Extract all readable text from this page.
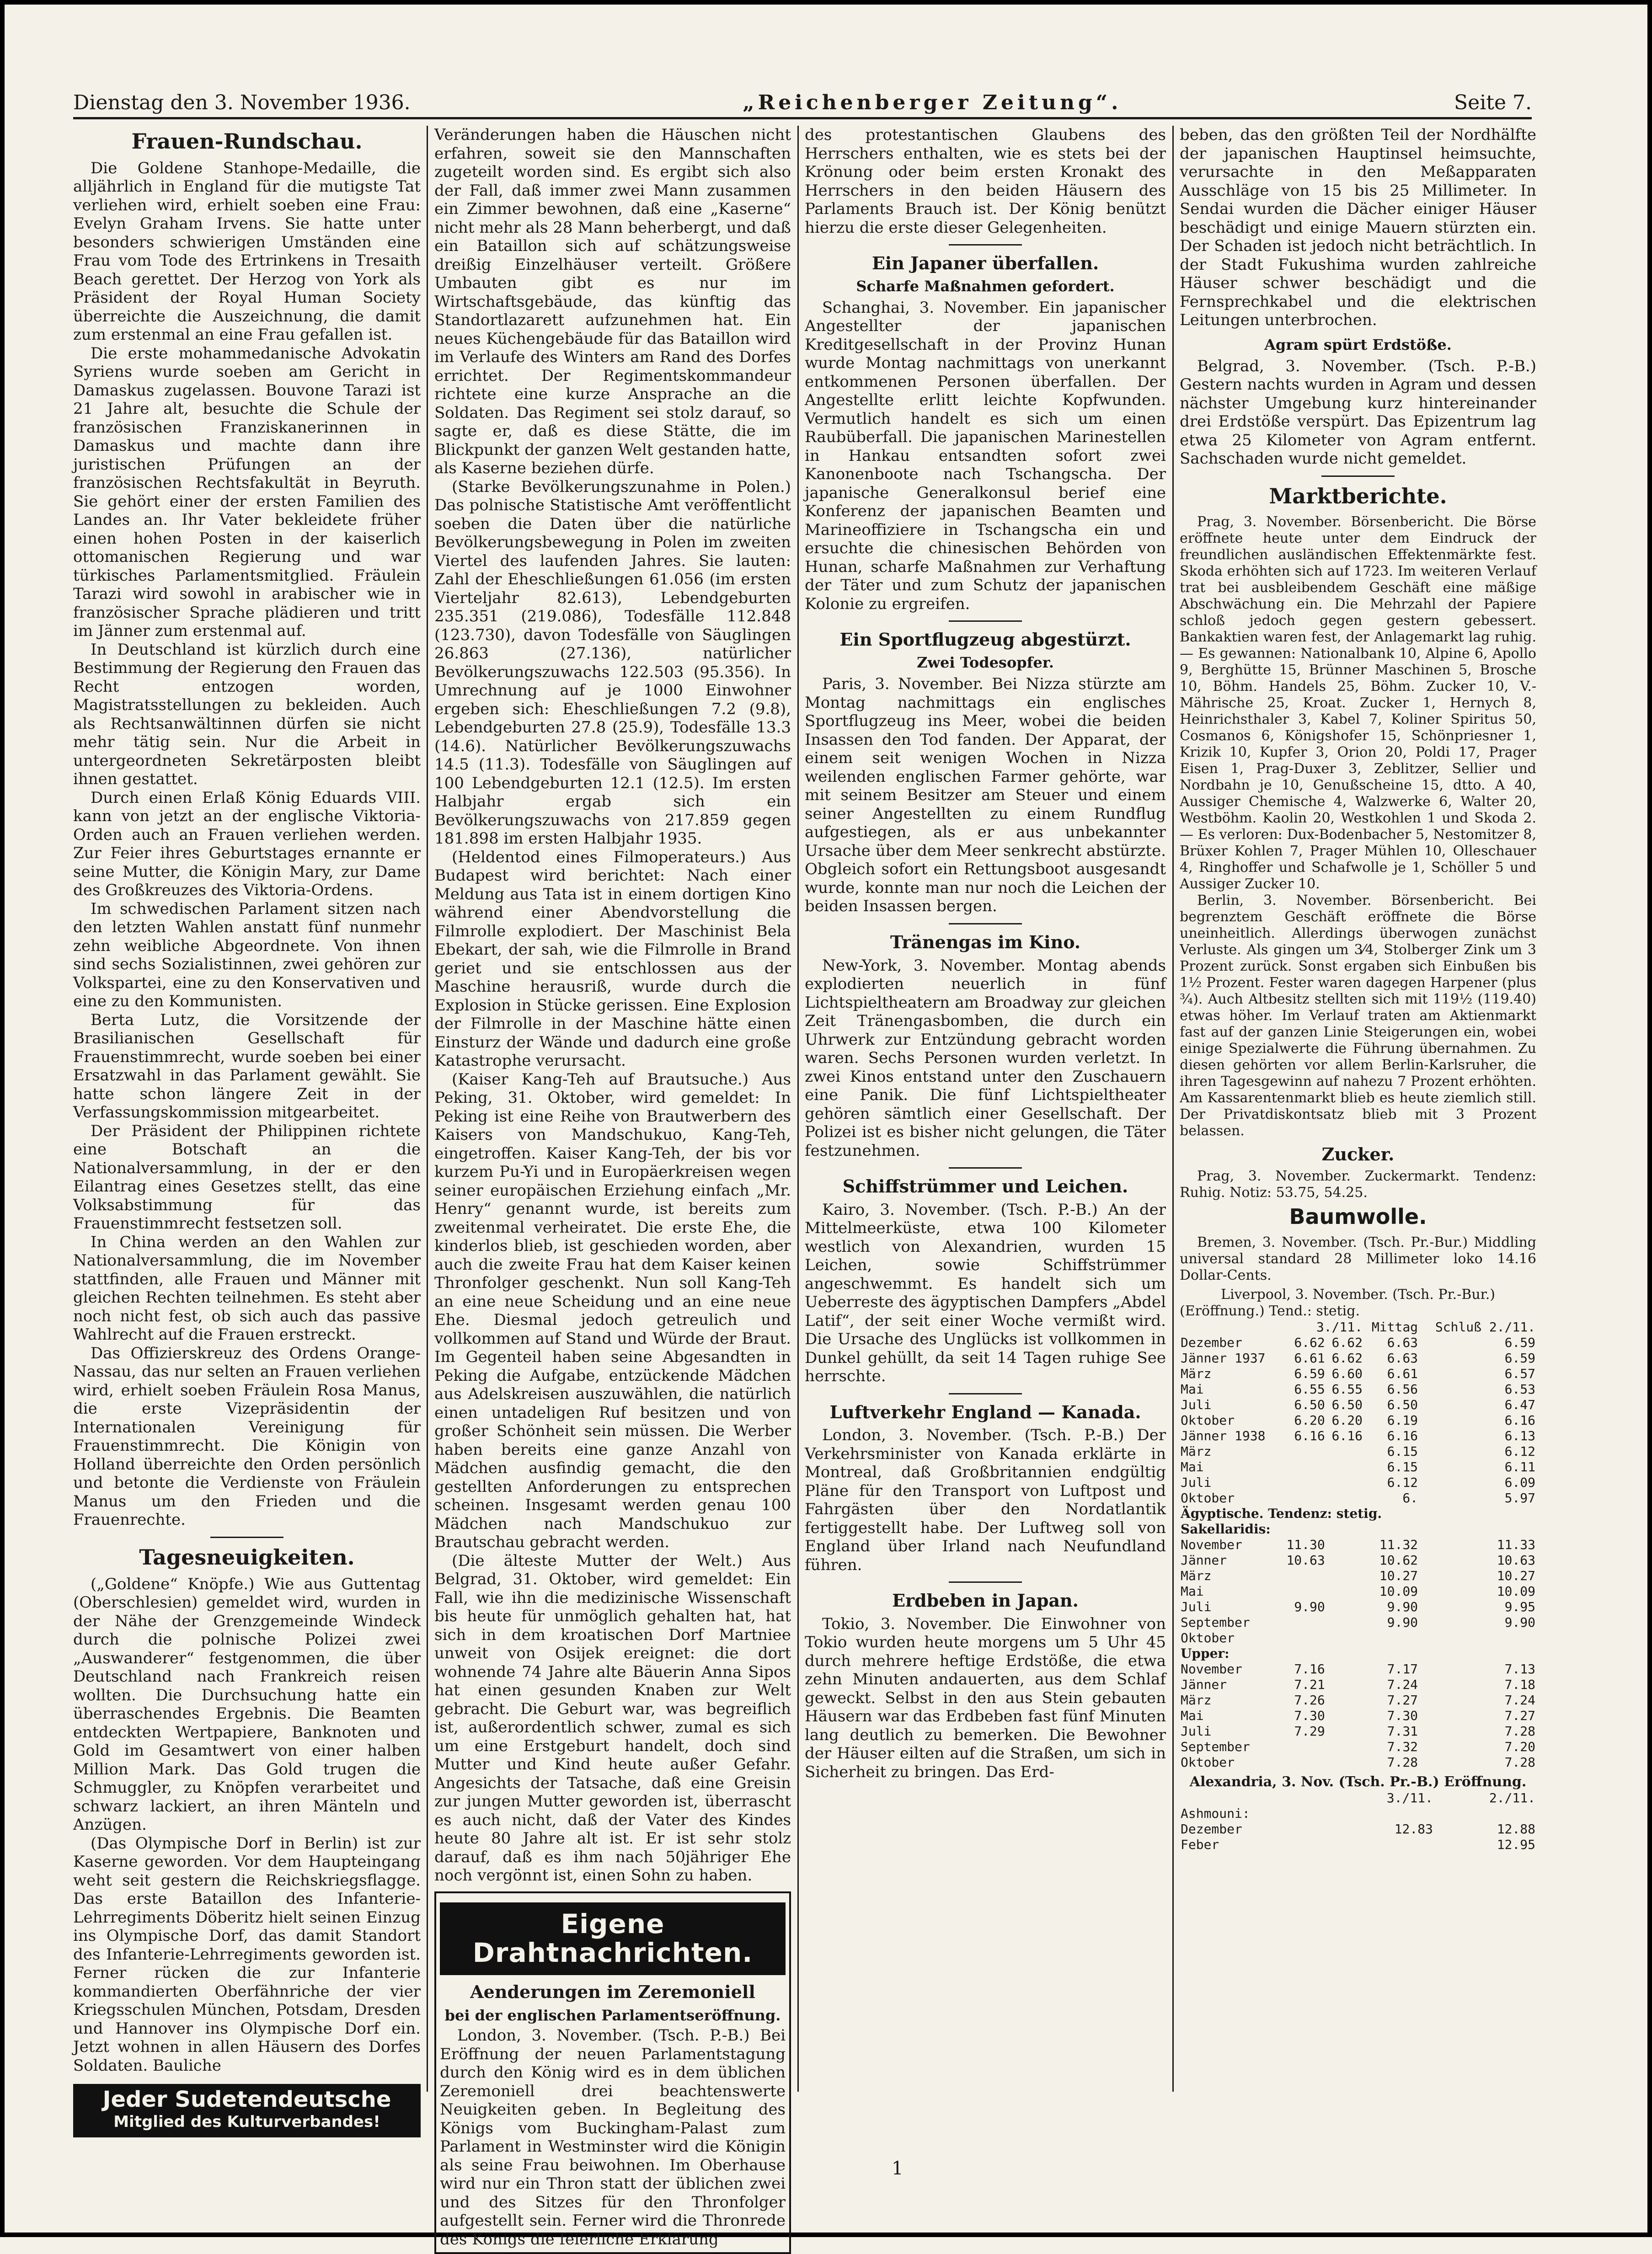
Dienstag den 3. November 1936.	„Reichenberger Zeitung“.	Seite 7.
Frauen-Rundschau.

Die Goldene Stanhope-Medaille, die alljährlich in England für die mutigste Tat verliehen wird, erhielt soeben eine Frau: Evelyn Graham Irvens. Sie hatte unter besonders schwierigen Umständen eine Frau vom Tode des Ertrinkens in Tresaith Beach gerettet. Der Herzog von York als Präsident der Royal Human Society überreichte die Auszeichnung, die damit zum erstenmal an eine Frau gefallen ist.

Die erste mohammedanische Advokatin Syriens wurde soeben am Gericht in Damaskus zugelassen. Bouvone Tarazi ist 21 Jahre alt, besuchte die Schule der französischen Franziskanerinnen in Damaskus und machte dann ihre juristischen Prüfungen an der französischen Rechtsfakultät in Beyruth. Sie gehört einer der ersten Familien des Landes an. Ihr Vater bekleidete früher einen hohen Posten in der kaiserlich ottomanischen Regierung und war türkisches Parlamentsmitglied. Fräulein Tarazi wird sowohl in arabischer wie in französischer Sprache plädieren und tritt im Jänner zum erstenmal auf.

In Deutschland ist kürzlich durch eine Bestimmung der Regierung den Frauen das Recht entzogen worden, Magistratsstellungen zu bekleiden. Auch als Rechtsanwältinnen dürfen sie nicht mehr tätig sein. Nur die Arbeit in untergeordneten Sekretärposten bleibt ihnen gestattet.

Durch einen Erlaß König Eduards VIII. kann von jetzt an der englische Viktoria-Orden auch an Frauen verliehen werden. Zur Feier ihres Geburtstages ernannte er seine Mutter, die Königin Mary, zur Dame des Großkreuzes des Viktoria-Ordens.

Im schwedischen Parlament sitzen nach den letzten Wahlen anstatt fünf nunmehr zehn weibliche Abgeordnete. Von ihnen sind sechs Sozialistinnen, zwei gehören zur Volkspartei, eine zu den Konservativen und eine zu den Kommunisten.

Berta Lutz, die Vorsitzende der Brasilianischen Gesellschaft für Frauenstimmrecht, wurde soeben bei einer Ersatzwahl in das Parlament gewählt. Sie hatte schon längere Zeit in der Verfassungskommission mitgearbeitet.

Der Präsident der Philippinen richtete eine Botschaft an die Nationalversammlung, in der er den Eilantrag eines Gesetzes stellt, das eine Volksabstimmung für das Frauenstimmrecht festsetzen soll.

In China werden an den Wahlen zur Nationalversammlung, die im November stattfinden, alle Frauen und Männer mit gleichen Rechten teilnehmen. Es steht aber noch nicht fest, ob sich auch das passive Wahlrecht auf die Frauen erstreckt.

Das Offizierskreuz des Ordens Orange-Nassau, das nur selten an Frauen verliehen wird, erhielt soeben Fräulein Rosa Manus, die erste Vizepräsidentin der Internationalen Vereinigung für Frauenstimmrecht. Die Königin von Holland überreichte den Orden persönlich und betonte die Verdienste von Fräulein Manus um den Frieden und die Frauenrechte.

Tagesneuigkeiten.

(„Goldene“ Knöpfe.) Wie aus Guttentag (Oberschlesien) gemeldet wird, wurden in der Nähe der Grenzgemeinde Windeck durch die polnische Polizei zwei „Auswanderer“ festgenommen, die über Deutschland nach Frankreich reisen wollten. Die Durchsuchung hatte ein überraschendes Ergebnis. Die Beamten entdeckten Wertpapiere, Banknoten und Gold im Gesamtwert von einer halben Million Mark. Das Gold trugen die Schmuggler, zu Knöpfen verarbeitet und schwarz lackiert, an ihren Mänteln und Anzügen.

(Das Olympische Dorf in Berlin) ist zur Kaserne geworden. Vor dem Haupteingang weht seit gestern die Reichskriegsflagge. Das erste Bataillon des Infanterie-Lehrregiments Döberitz hielt seinen Einzug ins Olympische Dorf, das damit Standort des Infanterie-Lehrregiments geworden ist. Ferner rücken die zur Infanterie kommandierten Oberfähnriche der vier Kriegsschulen München, Potsdam, Dresden und Hannover ins Olympische Dorf ein. Jetzt wohnen in allen Häusern des Dorfes Soldaten. Bauliche

Jeder Sudetendeutsche
Mitglied des Kulturverbandes!

Veränderungen haben die Häuschen nicht erfahren, soweit sie den Mannschaften zugeteilt worden sind. Es ergibt sich also der Fall, daß immer zwei Mann zusammen ein Zimmer bewohnen, daß eine „Kaserne“ nicht mehr als 28 Mann beherbergt, und daß ein Bataillon sich auf schätzungsweise dreißig Einzelhäuser verteilt. Größere Umbauten gibt es nur im Wirtschaftsgebäude, das künftig das Standortlazarett aufzunehmen hat. Ein neues Küchengebäude für das Bataillon wird im Verlaufe des Winters am Rand des Dorfes errichtet. Der Regimentskommandeur richtete eine kurze Ansprache an die Soldaten. Das Regiment sei stolz darauf, so sagte er, daß es diese Stätte, die im Blickpunkt der ganzen Welt gestanden hatte, als Kaserne beziehen dürfe.

(Starke Bevölkerungszunahme in Polen.) Das polnische Statistische Amt veröffentlicht soeben die Daten über die natürliche Bevölkerungsbewegung in Polen im zweiten Viertel des laufenden Jahres. Sie lauten: Zahl der Eheschließungen 61.056 (im ersten Vierteljahr 82.613), Lebendgeburten 235.351 (219.086), Todesfälle 112.848 (123.730), davon Todesfälle von Säuglingen 26.863 (27.136), natürlicher Bevölkerungszuwachs 122.503 (95.356). In Umrechnung auf je 1000 Einwohner ergeben sich: Eheschließungen 7.2 (9.8), Lebendgeburten 27.8 (25.9), Todesfälle 13.3 (14.6). Natürlicher Bevölkerungszuwachs 14.5 (11.3). Todesfälle von Säuglingen auf 100 Lebendgeburten 12.1 (12.5). Im ersten Halbjahr ergab sich ein Bevölkerungszuwachs von 217.859 gegen 181.898 im ersten Halbjahr 1935.

(Heldentod eines Filmoperateurs.) Aus Budapest wird berichtet: Nach einer Meldung aus Tata ist in einem dortigen Kino während einer Abendvorstellung die Filmrolle explodiert. Der Maschinist Bela Ebekart, der sah, wie die Filmrolle in Brand geriet und sie entschlossen aus der Maschine herausriß, wurde durch die Explosion in Stücke gerissen. Eine Explosion der Filmrolle in der Maschine hätte einen Einsturz der Wände und dadurch eine große Katastrophe verursacht.

(Kaiser Kang-Teh auf Brautsuche.) Aus Peking, 31. Oktober, wird gemeldet: In Peking ist eine Reihe von Brautwerbern des Kaisers von Mandschukuo, Kang-Teh, eingetroffen. Kaiser Kang-Teh, der bis vor kurzem Pu-Yi und in Europäerkreisen wegen seiner europäischen Erziehung einfach „Mr. Henry“ genannt wurde, ist bereits zum zweitenmal verheiratet. Die erste Ehe, die kinderlos blieb, ist geschieden worden, aber auch die zweite Frau hat dem Kaiser keinen Thronfolger geschenkt. Nun soll Kang-Teh an eine neue Scheidung und an eine neue Ehe. Diesmal jedoch getreulich und vollkommen auf Stand und Würde der Braut. Im Gegenteil haben seine Abgesandten in Peking die Aufgabe, entzückende Mädchen aus Adelskreisen auszuwählen, die natürlich einen untadeligen Ruf besitzen und von großer Schönheit sein müssen. Die Werber haben bereits eine ganze Anzahl von Mädchen ausfindig gemacht, die den gestellten Anforderungen zu entsprechen scheinen. Insgesamt werden genau 100 Mädchen nach Mandschukuo zur Brautschau gebracht werden.

(Die älteste Mutter der Welt.) Aus Belgrad, 31. Oktober, wird gemeldet: Ein Fall, wie ihn die medizinische Wissenschaft bis heute für unmöglich gehalten hat, hat sich in dem kroatischen Dorf Martniee unweit von Osijek ereignet: die dort wohnende 74 Jahre alte Bäuerin Anna Sipos hat einen gesunden Knaben zur Welt gebracht. Die Geburt war, was begreiflich ist, außerordentlich schwer, zumal es sich um eine Erstgeburt handelt, doch sind Mutter und Kind heute außer Gefahr. Angesichts der Tatsache, daß eine Greisin zur jungen Mutter geworden ist, überrascht es auch nicht, daß der Vater des Kindes heute 80 Jahre alt ist. Er ist sehr stolz darauf, daß es ihm nach 50jähriger Ehe noch vergönnt ist, einen Sohn zu haben.

Eigene Drahtnachrichten.
Aenderungen im Zeremoniell
bei der englischen Parlamentseröffnung.

London, 3. November. (Tsch. P.-B.) Bei Eröffnung der neuen Parlamentstagung durch den König wird es in dem üblichen Zeremoniell drei beachtenswerte Neuigkeiten geben. In Begleitung des Königs vom Buckingham-Palast zum Parlament in Westminster wird die Königin als seine Frau beiwohnen. Im Oberhause wird nur ein Thron statt der üblichen zwei und des Sitzes für den Thronfolger aufgestellt sein. Ferner wird die Thronrede des Königs die feierliche Erklärung

des protestantischen Glaubens des Herrschers enthalten, wie es stets bei der Krönung oder beim ersten Kronakt des Herrschers in den beiden Häusern des Parlaments Brauch ist. Der König benützt hierzu die erste dieser Gelegenheiten.

Ein Japaner überfallen.
Scharfe Maßnahmen gefordert.

Schanghai, 3. November. Ein japanischer Angestellter der japanischen Kreditgesellschaft in der Provinz Hunan wurde Montag nachmittags von unerkannt entkommenen Personen überfallen. Der Angestellte erlitt leichte Kopfwunden. Vermutlich handelt es sich um einen Raubüberfall. Die japanischen Marinestellen in Hankau entsandten sofort zwei Kanonenboote nach Tschangscha. Der japanische Generalkonsul berief eine Konferenz der japanischen Beamten und Marineoffiziere in Tschangscha ein und ersuchte die chinesischen Behörden von Hunan, scharfe Maßnahmen zur Verhaftung der Täter und zum Schutz der japanischen Kolonie zu ergreifen.

Ein Sportflugzeug abgestürzt.
Zwei Todesopfer.

Paris, 3. November. Bei Nizza stürzte am Montag nachmittags ein englisches Sportflugzeug ins Meer, wobei die beiden Insassen den Tod fanden. Der Apparat, der einem seit wenigen Wochen in Nizza weilenden englischen Farmer gehörte, war mit seinem Besitzer am Steuer und einem seiner Angestellten zu einem Rundflug aufgestiegen, als er aus unbekannter Ursache über dem Meer senkrecht abstürzte. Obgleich sofort ein Rettungsboot ausgesandt wurde, konnte man nur noch die Leichen der beiden Insassen bergen.

Tränengas im Kino.

New-York, 3. November. Montag abends explodierten neuerlich in fünf Lichtspieltheatern am Broadway zur gleichen Zeit Tränengasbomben, die durch ein Uhrwerk zur Entzündung gebracht worden waren. Sechs Personen wurden verletzt. In zwei Kinos entstand unter den Zuschauern eine Panik. Die fünf Lichtspieltheater gehören sämtlich einer Gesellschaft. Der Polizei ist es bisher nicht gelungen, die Täter festzunehmen.

Schiffstrümmer und Leichen.

Kairo, 3. November. (Tsch. P.-B.) An der Mittelmeerküste, etwa 100 Kilometer westlich von Alexandrien, wurden 15 Leichen, sowie Schiffstrümmer angeschwemmt. Es handelt sich um Ueberreste des ägyptischen Dampfers „Abdel Latif“, der seit einer Woche vermißt wird. Die Ursache des Unglücks ist vollkommen in Dunkel gehüllt, da seit 14 Tagen ruhige See herrschte.

Luftverkehr England — Kanada.

London, 3. November. (Tsch. P.-B.) Der Verkehrsminister von Kanada erklärte in Montreal, daß Großbritannien endgültig Pläne für den Transport von Luftpost und Fahrgästen über den Nordatlantik fertiggestellt habe. Der Luftweg soll von England über Irland nach Neufundland führen.

Erdbeben in Japan.

Tokio, 3. November. Die Einwohner von Tokio wurden heute morgens um 5 Uhr 45 durch mehrere heftige Erdstöße, die etwa zehn Minuten andauerten, aus dem Schlaf geweckt. Selbst in den aus Stein gebauten Häusern war das Erdbeben fast fünf Minuten lang deutlich zu bemerken. Die Bewohner der Häuser eilten auf die Straßen, um sich in Sicherheit zu bringen. Das Erd-

beben, das den größten Teil der Nordhälfte der japanischen Hauptinsel heimsuchte, verursachte in den Meßapparaten Ausschläge von 15 bis 25 Millimeter. In Sendai wurden die Dächer einiger Häuser beschädigt und einige Mauern stürzten ein. Der Schaden ist jedoch nicht beträchtlich. In der Stadt Fukushima wurden zahlreiche Häuser schwer beschädigt und die Fernsprechkabel und die elektrischen Leitungen unterbrochen.

Agram spürt Erdstöße.

Belgrad, 3. November. (Tsch. P.-B.) Gestern nachts wurden in Agram und dessen nächster Umgebung kurz hintereinander drei Erdstöße verspürt. Das Epizentrum lag etwa 25 Kilometer von Agram entfernt. Sachschaden wurde nicht gemeldet.

Marktberichte.

Prag, 3. November. Börsenbericht. Die Börse eröffnete heute unter dem Eindruck der freundlichen ausländischen Effektenmärkte fest. Skoda erhöhten sich auf 1723. Im weiteren Verlauf trat bei ausbleibendem Geschäft eine mäßige Abschwächung ein. Die Mehrzahl der Papiere schloß jedoch gegen gestern gebessert. Bankaktien waren fest, der Anlagemarkt lag ruhig. — Es gewannen: Nationalbank 10, Alpine 6, Apollo 9, Berghütte 15, Brünner Maschinen 5, Brosche 10, Böhm. Handels 25, Böhm. Zucker 10, V.-Mährische 25, Kroat. Zucker 1, Hernych 8, Heinrichsthaler 3, Kabel 7, Koliner Spiritus 50, Cosmanos 6, Königshofer 15, Schönpriesner 1, Krizik 10, Kupfer 3, Orion 20, Poldi 17, Prager Eisen 1, Prag-Duxer 3, Zeblitzer, Sellier und Nordbahn je 10, Genußscheine 15, dtto. A 40, Aussiger Chemische 4, Walzwerke 6, Walter 20, Westböhm. Kaolin 20, Westkohlen 1 und Skoda 2. — Es verloren: Dux-Bodenbacher 5, Nestomitzer 8, Brüxer Kohlen 7, Prager Mühlen 10, Olleschauer 4, Ringhoffer und Schafwolle je 1, Schöller 5 und Aussiger Zucker 10.

Berlin, 3. November. Börsenbericht. Bei begrenztem Geschäft eröffnete die Börse uneinheitlich. Allerdings überwogen zunächst Verluste. Als gingen um 3⁄4, Stolberger Zink um 3 Prozent zurück. Sonst ergaben sich Einbußen bis 1½ Prozent. Fester waren dagegen Harpener (plus ¾). Auch Altbesitz stellten sich mit 119½ (119.40) etwas höher. Im Verlauf traten am Aktienmarkt fast auf der ganzen Linie Steigerungen ein, wobei einige Spezialwerte die Führung übernahmen. Zu diesen gehörten vor allem Berlin-Karlsruher, die ihren Tagesgewinn auf nahezu 7 Prozent erhöhten. Am Kassarentenmarkt blieb es heute ziemlich still. Der Privatdiskontsatz blieb mit 3 Prozent belassen.

Zucker.

Prag, 3. November. Zuckermarkt. Tendenz: Ruhig. Notiz: 53.75, 54.25.

Baumwolle.

Bremen, 3. November. (Tsch. Pr.-Bur.) Middling universal standard 28 Millimeter loko 14.16 Dollar-Cents.

Liverpool, 3. November. (Tsch. Pr.-Bur.)
(Eröffnung.) Tend.: stetig.
	3./11.		Mittag	Schluß 2./11.
Dezember	6.62	6.62	6.63	6.59
Jänner 1937	6.61	6.62	6.63	6.59
März	6.59	6.60	6.61	6.57
Mai	6.55	6.55	6.56	6.53
Juli	6.50	6.50	6.50	6.47
Oktober	6.20	6.20	6.19	6.16
Jänner 1938	6.16	6.16	6.16	6.13
März			6.15	6.12
Mai			6.15	6.11
Juli			6.12	6.09
Oktober			6.	5.97
Ägyptische. Tendenz: stetig.				
Sakellaridis:				
November	11.30		11.32	11.33
Jänner	10.63		10.62	10.63
März			10.27	10.27
Mai			10.09	10.09
Juli	9.90		9.90	9.95
September			9.90	9.90
Oktober				
Upper:				
November	7.16		7.17	7.13
Jänner	7.21		7.24	7.18
März	7.26		7.27	7.24
Mai	7.30		7.30	7.27
Juli	7.29		7.31	7.28
September			7.32	7.20
Oktober			7.28	7.28
Alexandria, 3. Nov. (Tsch. Pr.-B.) Eröffnung.
	3./11.	2./11.
Ashmouni:		
Dezember	12.83	12.88
Feber		12.95
1
